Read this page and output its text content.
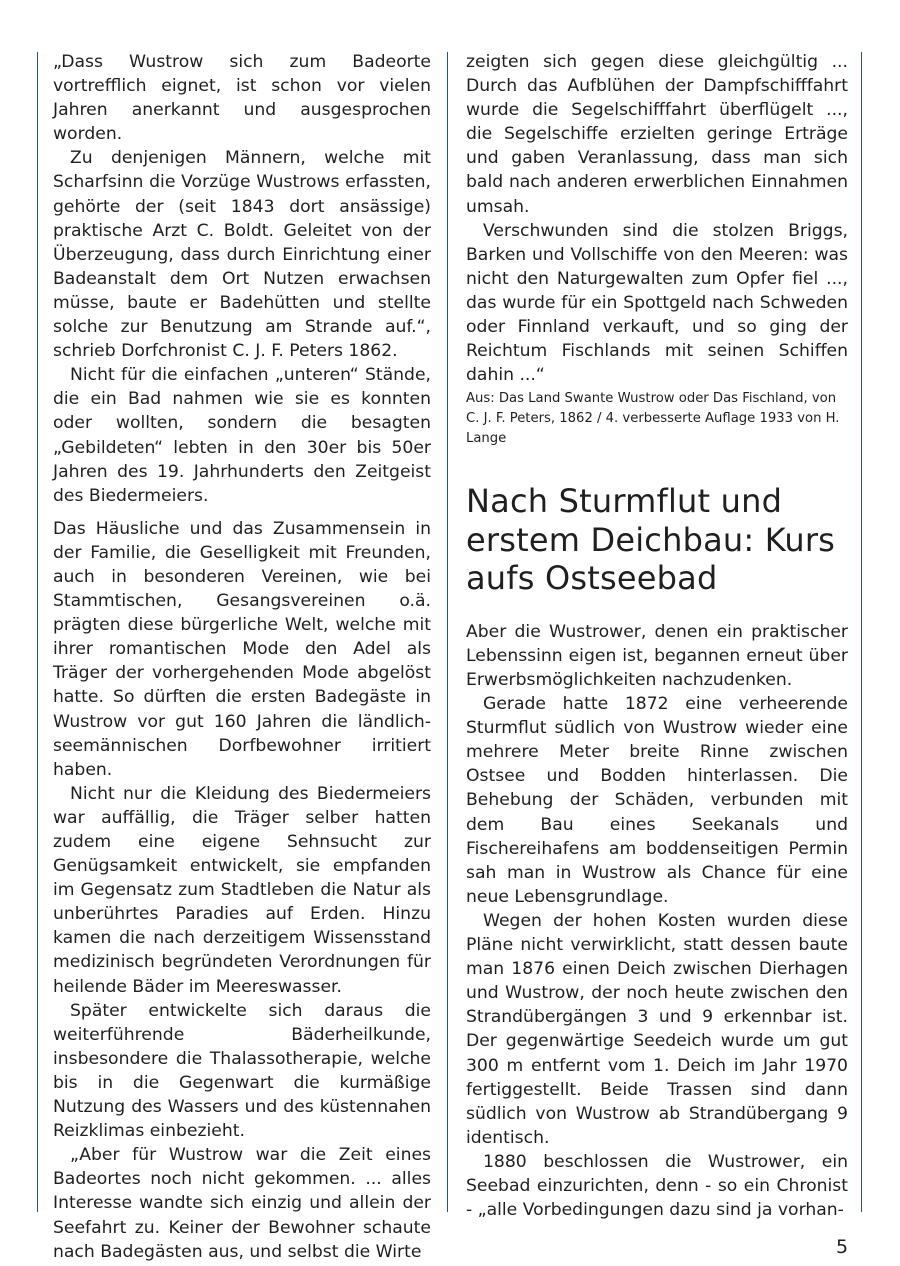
„Dass Wustrow sich zum Badeorte vortrefflich eignet, ist schon vor vielen Jahren anerkannt und ausgesprochen worden.

Zu denjenigen Männern, welche mit Scharfsinn die Vorzüge Wustrows erfassten, gehörte der (seit 1843 dort ansässige) praktische Arzt C. Boldt. Geleitet von der Überzeugung, dass durch Einrichtung einer Badeanstalt dem Ort Nutzen erwachsen müsse, baute er Badehütten und stellte solche zur Benutzung am Strande auf.“, schrieb Dorfchronist C. J. F. Peters 1862.

Nicht für die einfachen „unteren“ Stände, die ein Bad nahmen wie sie es konnten oder wollten, sondern die besagten „Gebildeten“ lebten in den 30er bis 50er Jahren des 19. Jahrhunderts den Zeitgeist des Biedermeiers.

Das Häusliche und das Zusammensein in der Familie, die Geselligkeit mit Freunden, auch in besonderen Vereinen, wie bei Stammtischen, Gesangsvereinen o.ä. prägten diese bürgerliche Welt, welche mit ihrer romantischen Mode den Adel als Träger der vorhergehenden Mode abgelöst hatte. So dürften die ersten Badegäste in Wustrow vor gut 160 Jahren die ländlich-seemännischen Dorfbewohner irritiert haben.

Nicht nur die Kleidung des Biedermeiers war auffällig, die Träger selber hatten zudem eine eigene Sehnsucht zur Genügsamkeit entwickelt, sie empfanden im Gegensatz zum Stadtleben die Natur als unberührtes Paradies auf Erden. Hinzu kamen die nach derzeitigem Wissensstand medizinisch begründeten Verordnungen für heilende Bäder im Meereswasser.

Später entwickelte sich daraus die weiterführende Bäderheilkunde, insbesondere die Thalassotherapie, welche bis in die Gegenwart die kurmäßige Nutzung des Wassers und des küstennahen Reizklimas einbezieht.

„Aber für Wustrow war die Zeit eines Badeortes noch nicht gekommen. ... alles Interesse wandte sich einzig und allein der Seefahrt zu. Keiner der Bewohner schaute nach Badegästen aus, und selbst die Wirte

zeigten sich gegen diese gleichgültig ... Durch das Aufblühen der Dampfschifffahrt wurde die Segelschifffahrt überflügelt ..., die Segelschiffe erzielten geringe Erträge und gaben Veranlassung, dass man sich bald nach anderen erwerblichen Einnahmen umsah.

Verschwunden sind die stolzen Briggs, Barken und Vollschiffe von den Meeren: was nicht den Naturgewalten zum Opfer fiel ..., das wurde für ein Spottgeld nach Schweden oder Finnland verkauft, und so ging der Reichtum Fischlands mit seinen Schiffen dahin ...“

Aus: Das Land Swante Wustrow oder Das Fischland, von C. J. F. Peters, 1862 / 4. verbesserte Auflage 1933 von H. Lange

Nach Sturmflut und erstem Deichbau: Kurs aufs Ostseebad

Aber die Wustrower, denen ein praktischer Lebenssinn eigen ist, begannen erneut über Erwerbsmöglichkeiten nachzudenken.

Gerade hatte 1872 eine verheerende Sturmflut südlich von Wustrow wieder eine mehrere Meter breite Rinne zwischen Ostsee und Bodden hinterlassen. Die Behebung der Schäden, verbunden mit dem Bau eines Seekanals und Fischereihafens am boddenseitigen Permin sah man in Wustrow als Chance für eine neue Lebensgrundlage.

Wegen der hohen Kosten wurden diese Pläne nicht verwirklicht, statt dessen baute man 1876 einen Deich zwischen Dierhagen und Wustrow, der noch heute zwischen den Strandübergängen 3 und 9 erkennbar ist. Der gegenwärtige Seedeich wurde um gut 300 m entfernt vom 1. Deich im Jahr 1970 fertiggestellt. Beide Trassen sind dann südlich von Wustrow ab Strandübergang 9 identisch.

1880 beschlossen die Wustrower, ein Seebad einzurichten, denn - so ein Chronist - „alle Vorbedingungen dazu sind ja vorhan-

5
